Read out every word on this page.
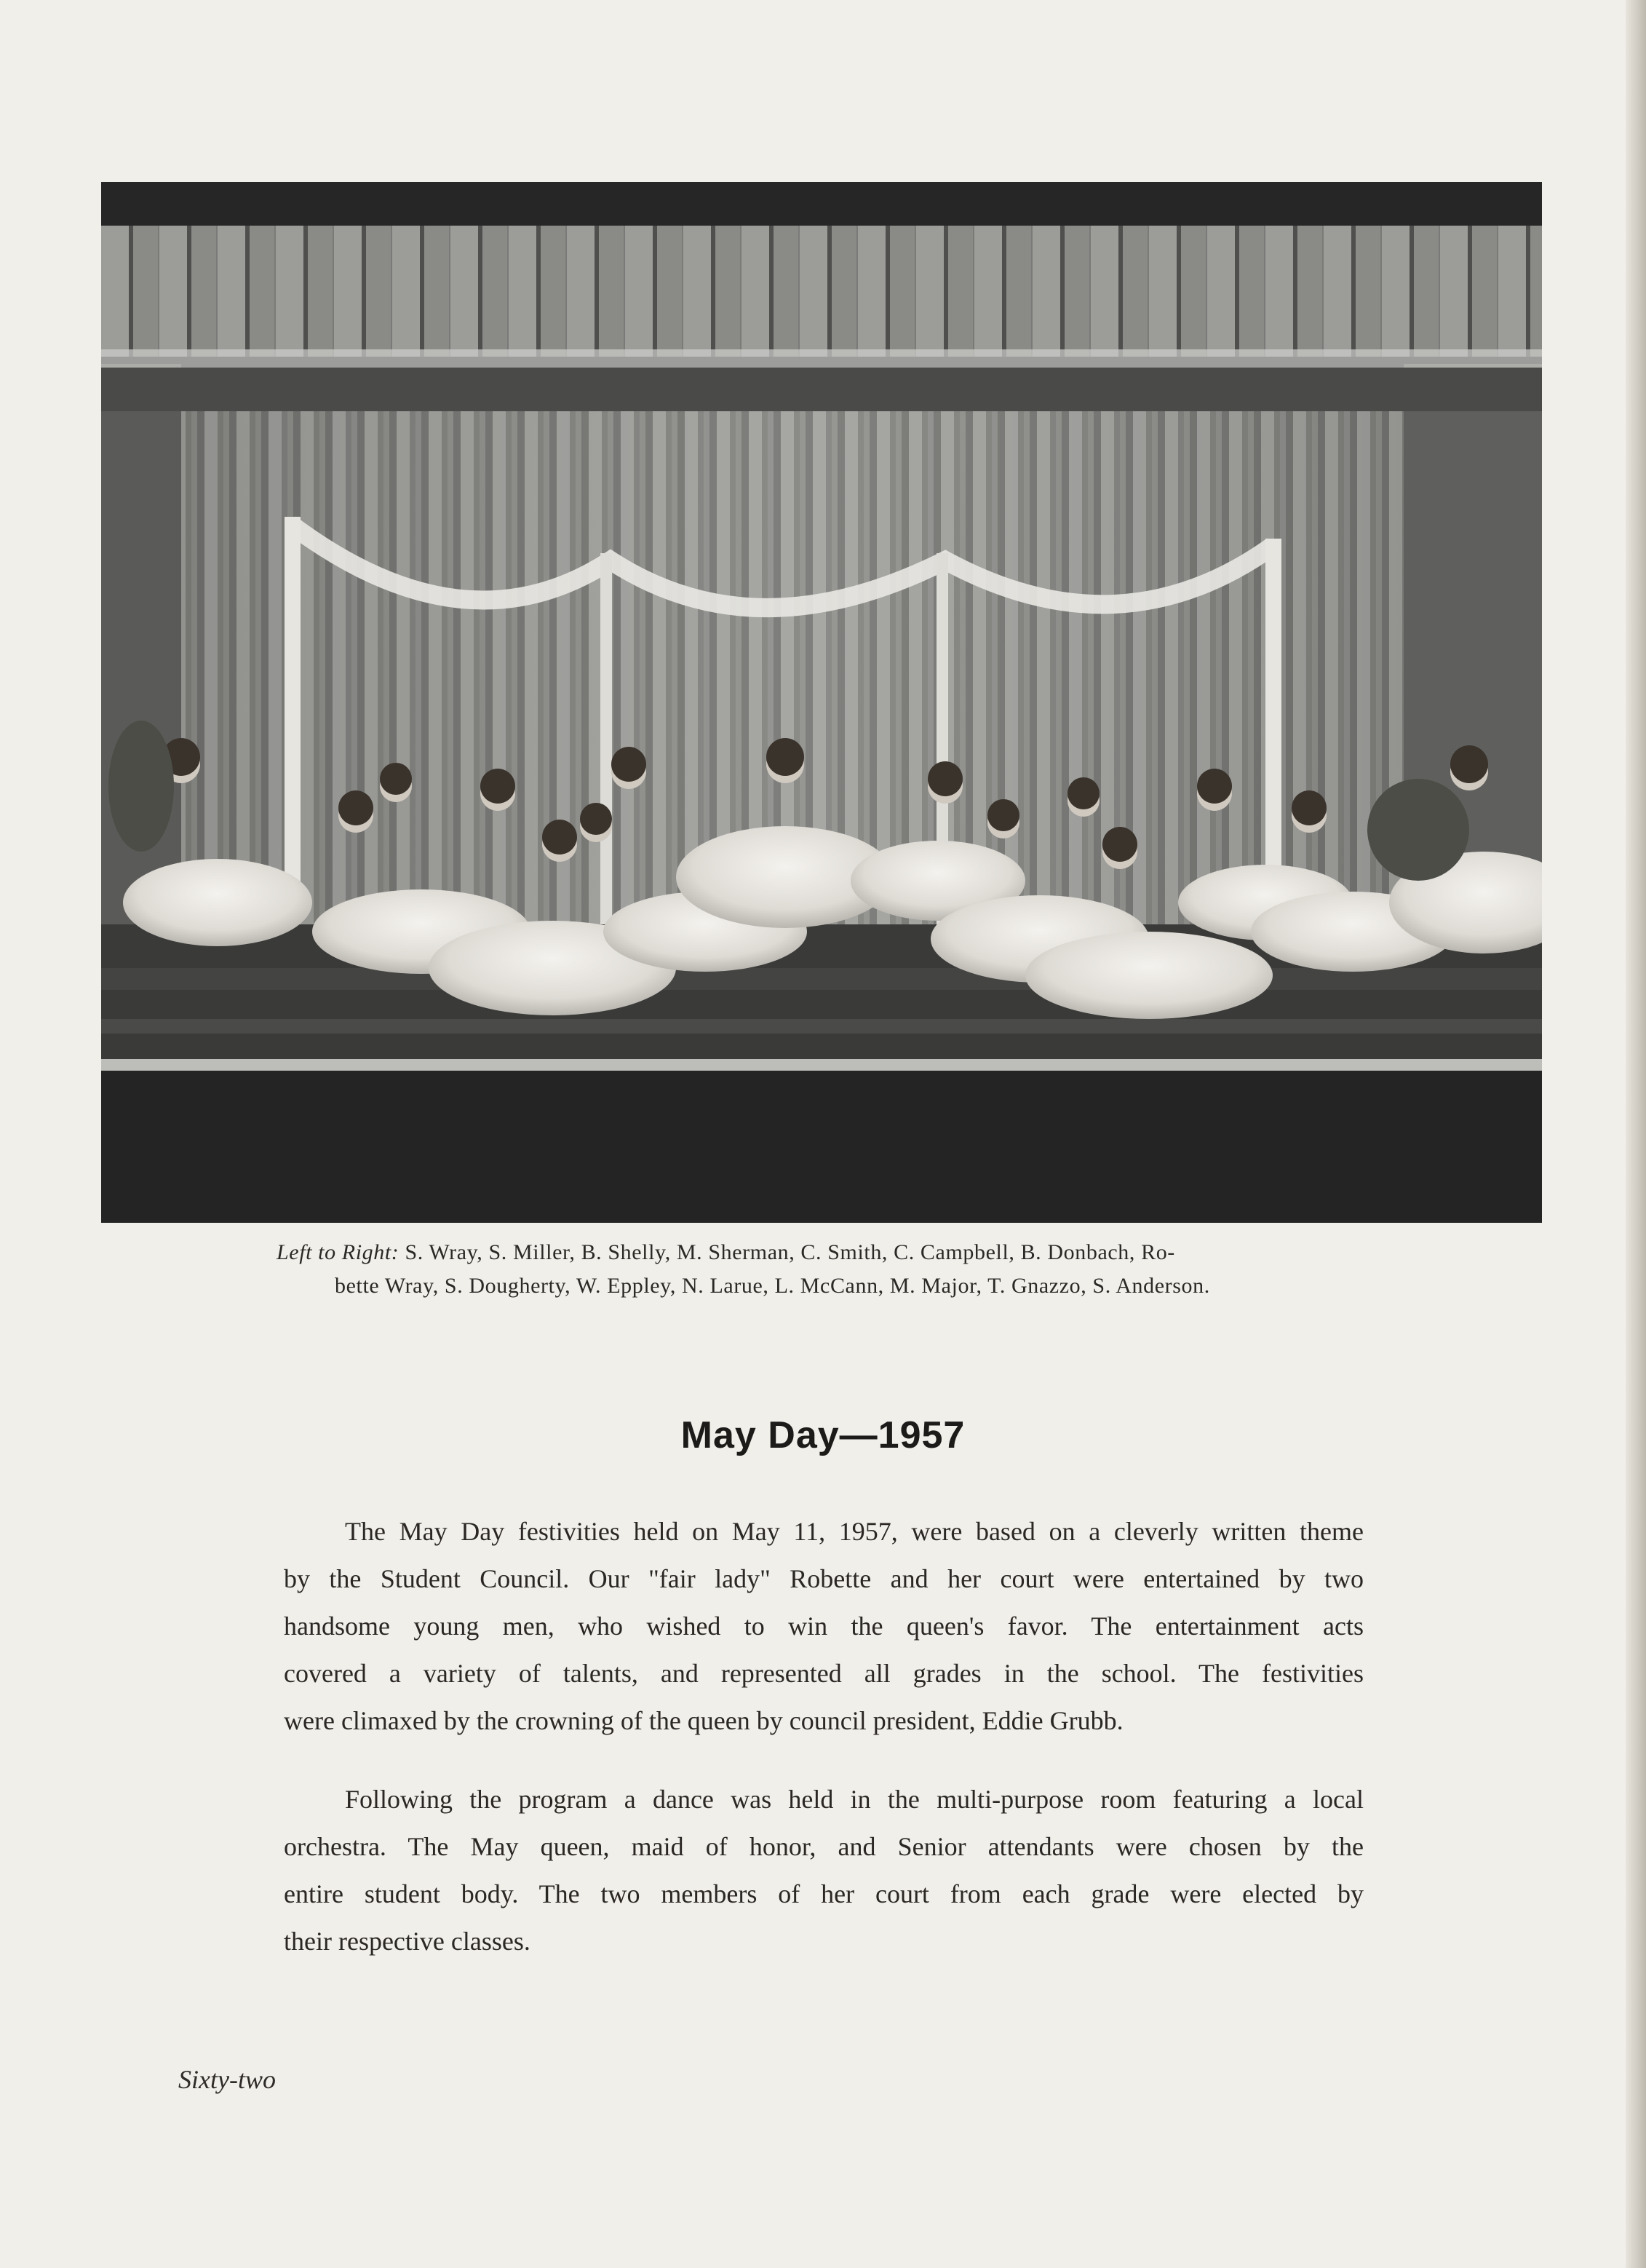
Left to Right: S. Wray, S. Miller, B. Shelly, M. Sherman, C. Smith, C. Campbell, B. Donbach, Ro-
bette Wray, S. Dougherty, W. Eppley, N. Larue, L. McCann, M. Major, T. Gnazzo, S. Anderson.
May Day—1957
The May Day festivities held on May 11, 1957, were based on a cleverly written theme
by the Student Council. Our "fair lady" Robette and her court were entertained by two
handsome young men, who wished to win the queen's favor. The entertainment acts
covered a variety of talents, and represented all grades in the school. The festivities
were climaxed by the crowning of the queen by council president, Eddie Grubb.
Following the program a dance was held in the multi-purpose room featuring a local
orchestra. The May queen, maid of honor, and Senior attendants were chosen by the
entire student body. The two members of her court from each grade were elected by
their respective classes.
Sixty-two
